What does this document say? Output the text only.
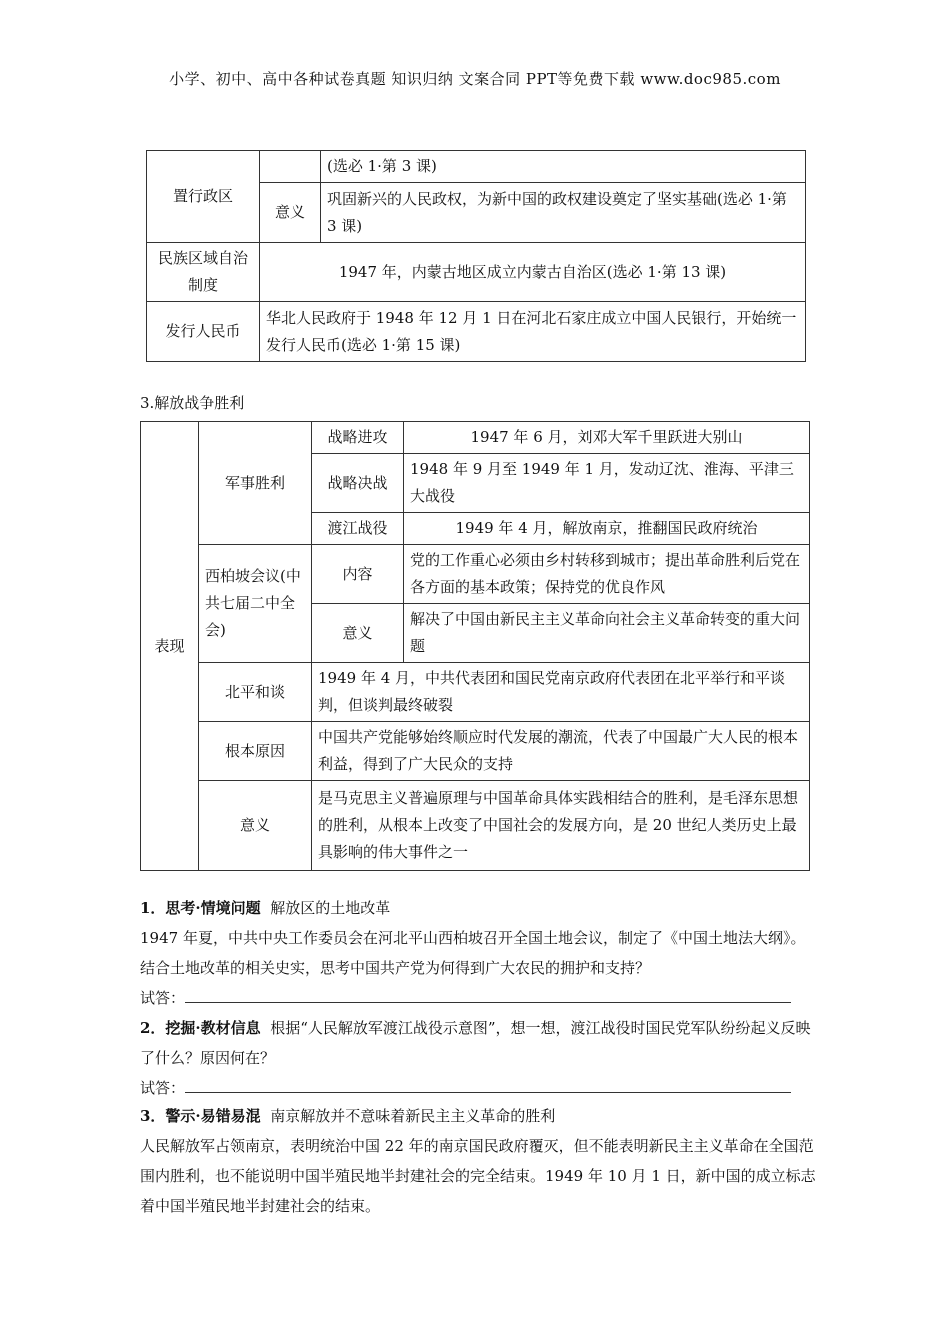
小学、初中、高中各种试卷真题 知识归纳 文案合同 PPT等免费下载 www.doc985.com
置行政区		(选必 1·第 3 课)
	意义	巩固新兴的人民政权，为新中国的政权建设奠定了坚实基础(选必 1·第 3 课)
民族区域自治制度	1947 年，内蒙古地区成立内蒙古自治区(选必 1·第 13 课)	
发行人民币	华北人民政府于 1948 年 12 月 1 日在河北石家庄成立中国人民银行，开始统一发行人民币(选必 1·第 15 课)	
3.解放战争胜利
表现	军事胜利	战略进攻	1947 年 6 月，刘邓大军千里跃进大别山
		战略决战	1948 年 9 月至 1949 年 1 月，发动辽沈、淮海、平津三大战役
		渡江战役	1949 年 4 月，解放南京，推翻国民政府统治
	西柏坡会议(中共七届二中全会)	内容	党的工作重心必须由乡村转移到城市；提出革命胜利后党在各方面的基本政策；保持党的优良作风
		意义	解决了中国由新民主主义革命向社会主义革命转变的重大问题
	北平和谈	1949 年 4 月，中共代表团和国民党南京政府代表团在北平举行和平谈判，但谈判最终破裂	
	根本原因	中国共产党能够始终顺应时代发展的潮流，代表了中国最广大人民的根本利益，得到了广大民众的支持	
	意义	是马克思主义普遍原理与中国革命具体实践相结合的胜利，是毛泽东思想的胜利，从根本上改变了中国社会的发展方向，是 20 世纪人类历史上最具影响的伟大事件之一	

1．思考·情境问题 解放区的土地改革

1947 年夏，中共中央工作委员会在河北平山西柏坡召开全国土地会议，制定了《中国土地法大纲》。结合土地改革的相关史实，思考中国共产党为何得到广大农民的拥护和支持？

试答：

2．挖掘·教材信息 根据“人民解放军渡江战役示意图”，想一想，渡江战役时国民党军队纷纷起义反映了什么？原因何在？

试答：

3．警示·易错易混 南京解放并不意味着新民主主义革命的胜利

人民解放军占领南京，表明统治中国 22 年的南京国民政府覆灭，但不能表明新民主主义革命在全国范围内胜利，也不能说明中国半殖民地半封建社会的完全结束。1949 年 10 月 1 日，新中国的成立标志着中国半殖民地半封建社会的结束。
